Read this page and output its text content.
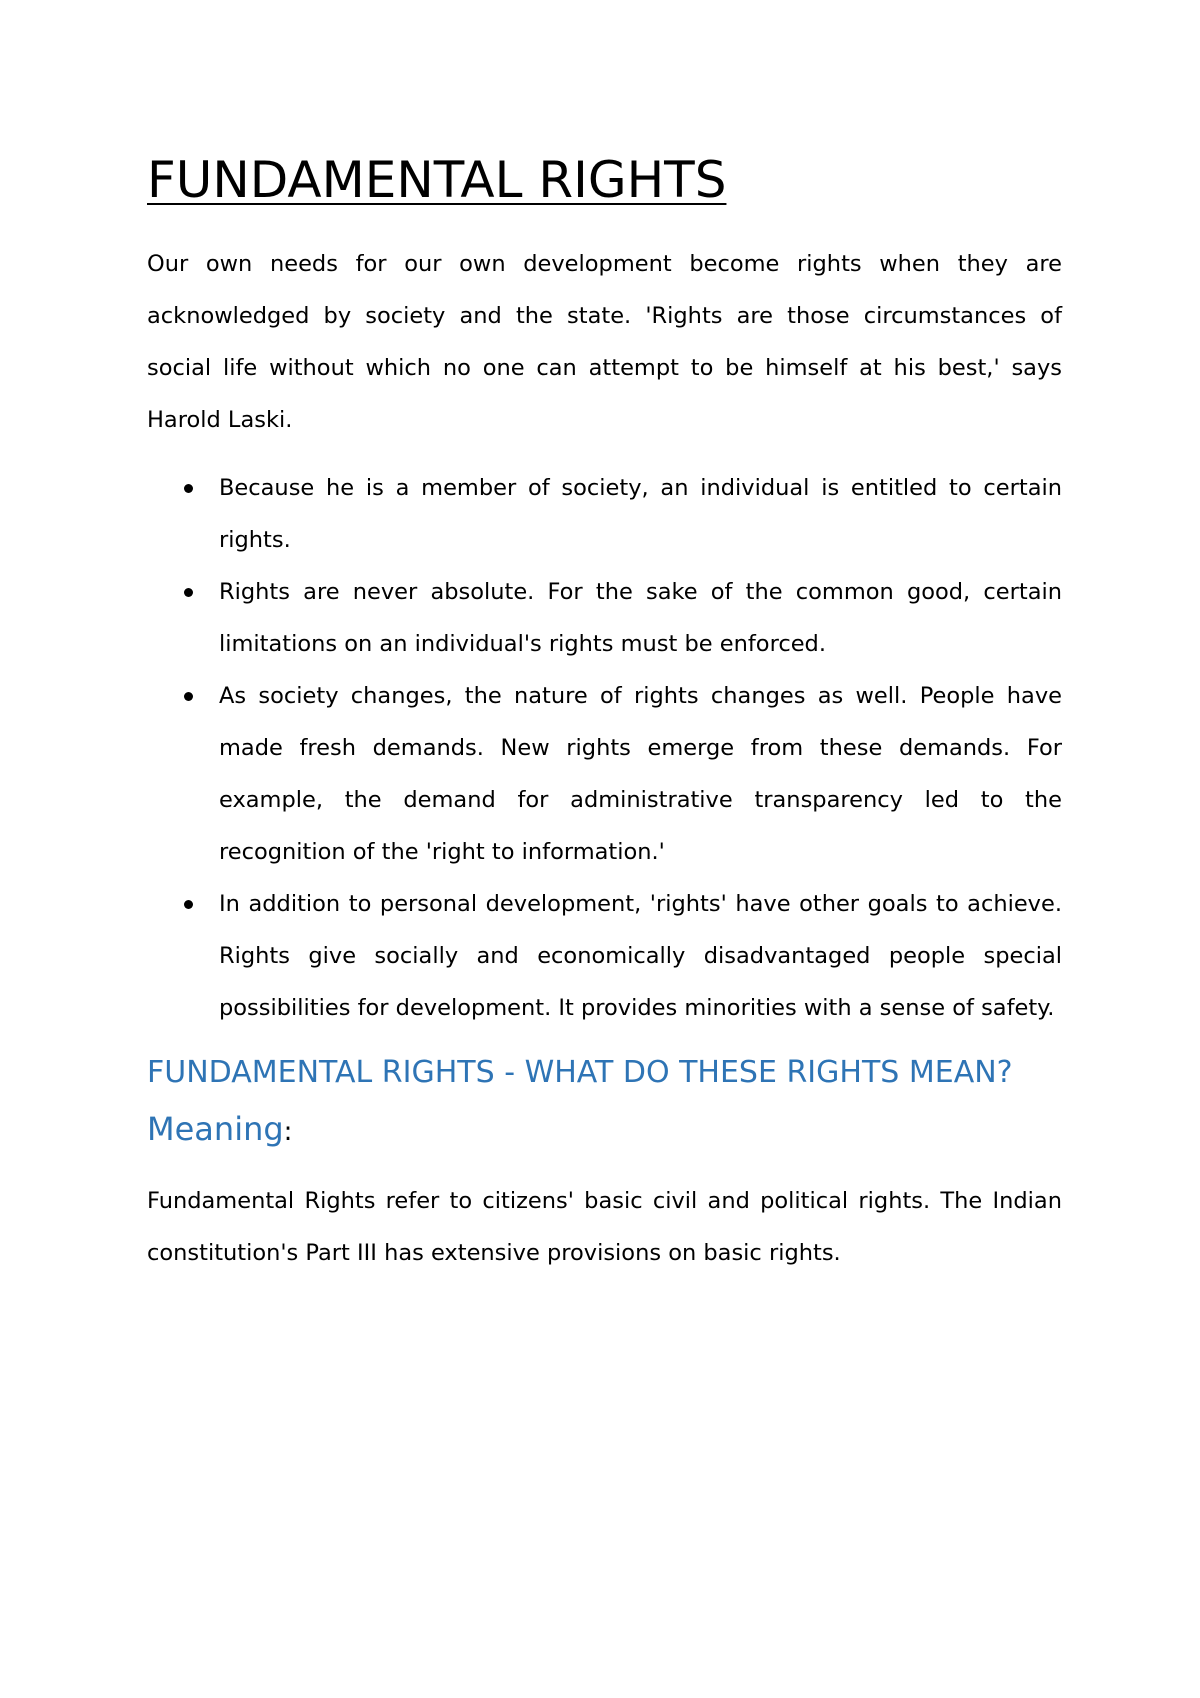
FUNDAMENTAL RIGHTS

Our own needs for our own development become rights when they are acknowledged by society and the state. 'Rights are those circumstances of social life without which no one can attempt to be himself at his best,' says Harold Laski.

Because he is a member of society, an individual is entitled to certain rights.
Rights are never absolute. For the sake of the common good, certain limitations on an individual's rights must be enforced.
As society changes, the nature of rights changes as well. People have made fresh demands. New rights emerge from these demands. For example, the demand for administrative transparency led to the recognition of the 'right to information.'
In addition to personal development, 'rights' have other goals to achieve. Rights give socially and economically disadvantaged people special possibilities for development. It provides minorities with a sense of safety.
FUNDAMENTAL RIGHTS - WHAT DO THESE RIGHTS MEAN?
Meaning:

Fundamental Rights refer to citizens' basic civil and political rights. The Indian constitution's Part III has extensive provisions on basic rights.
